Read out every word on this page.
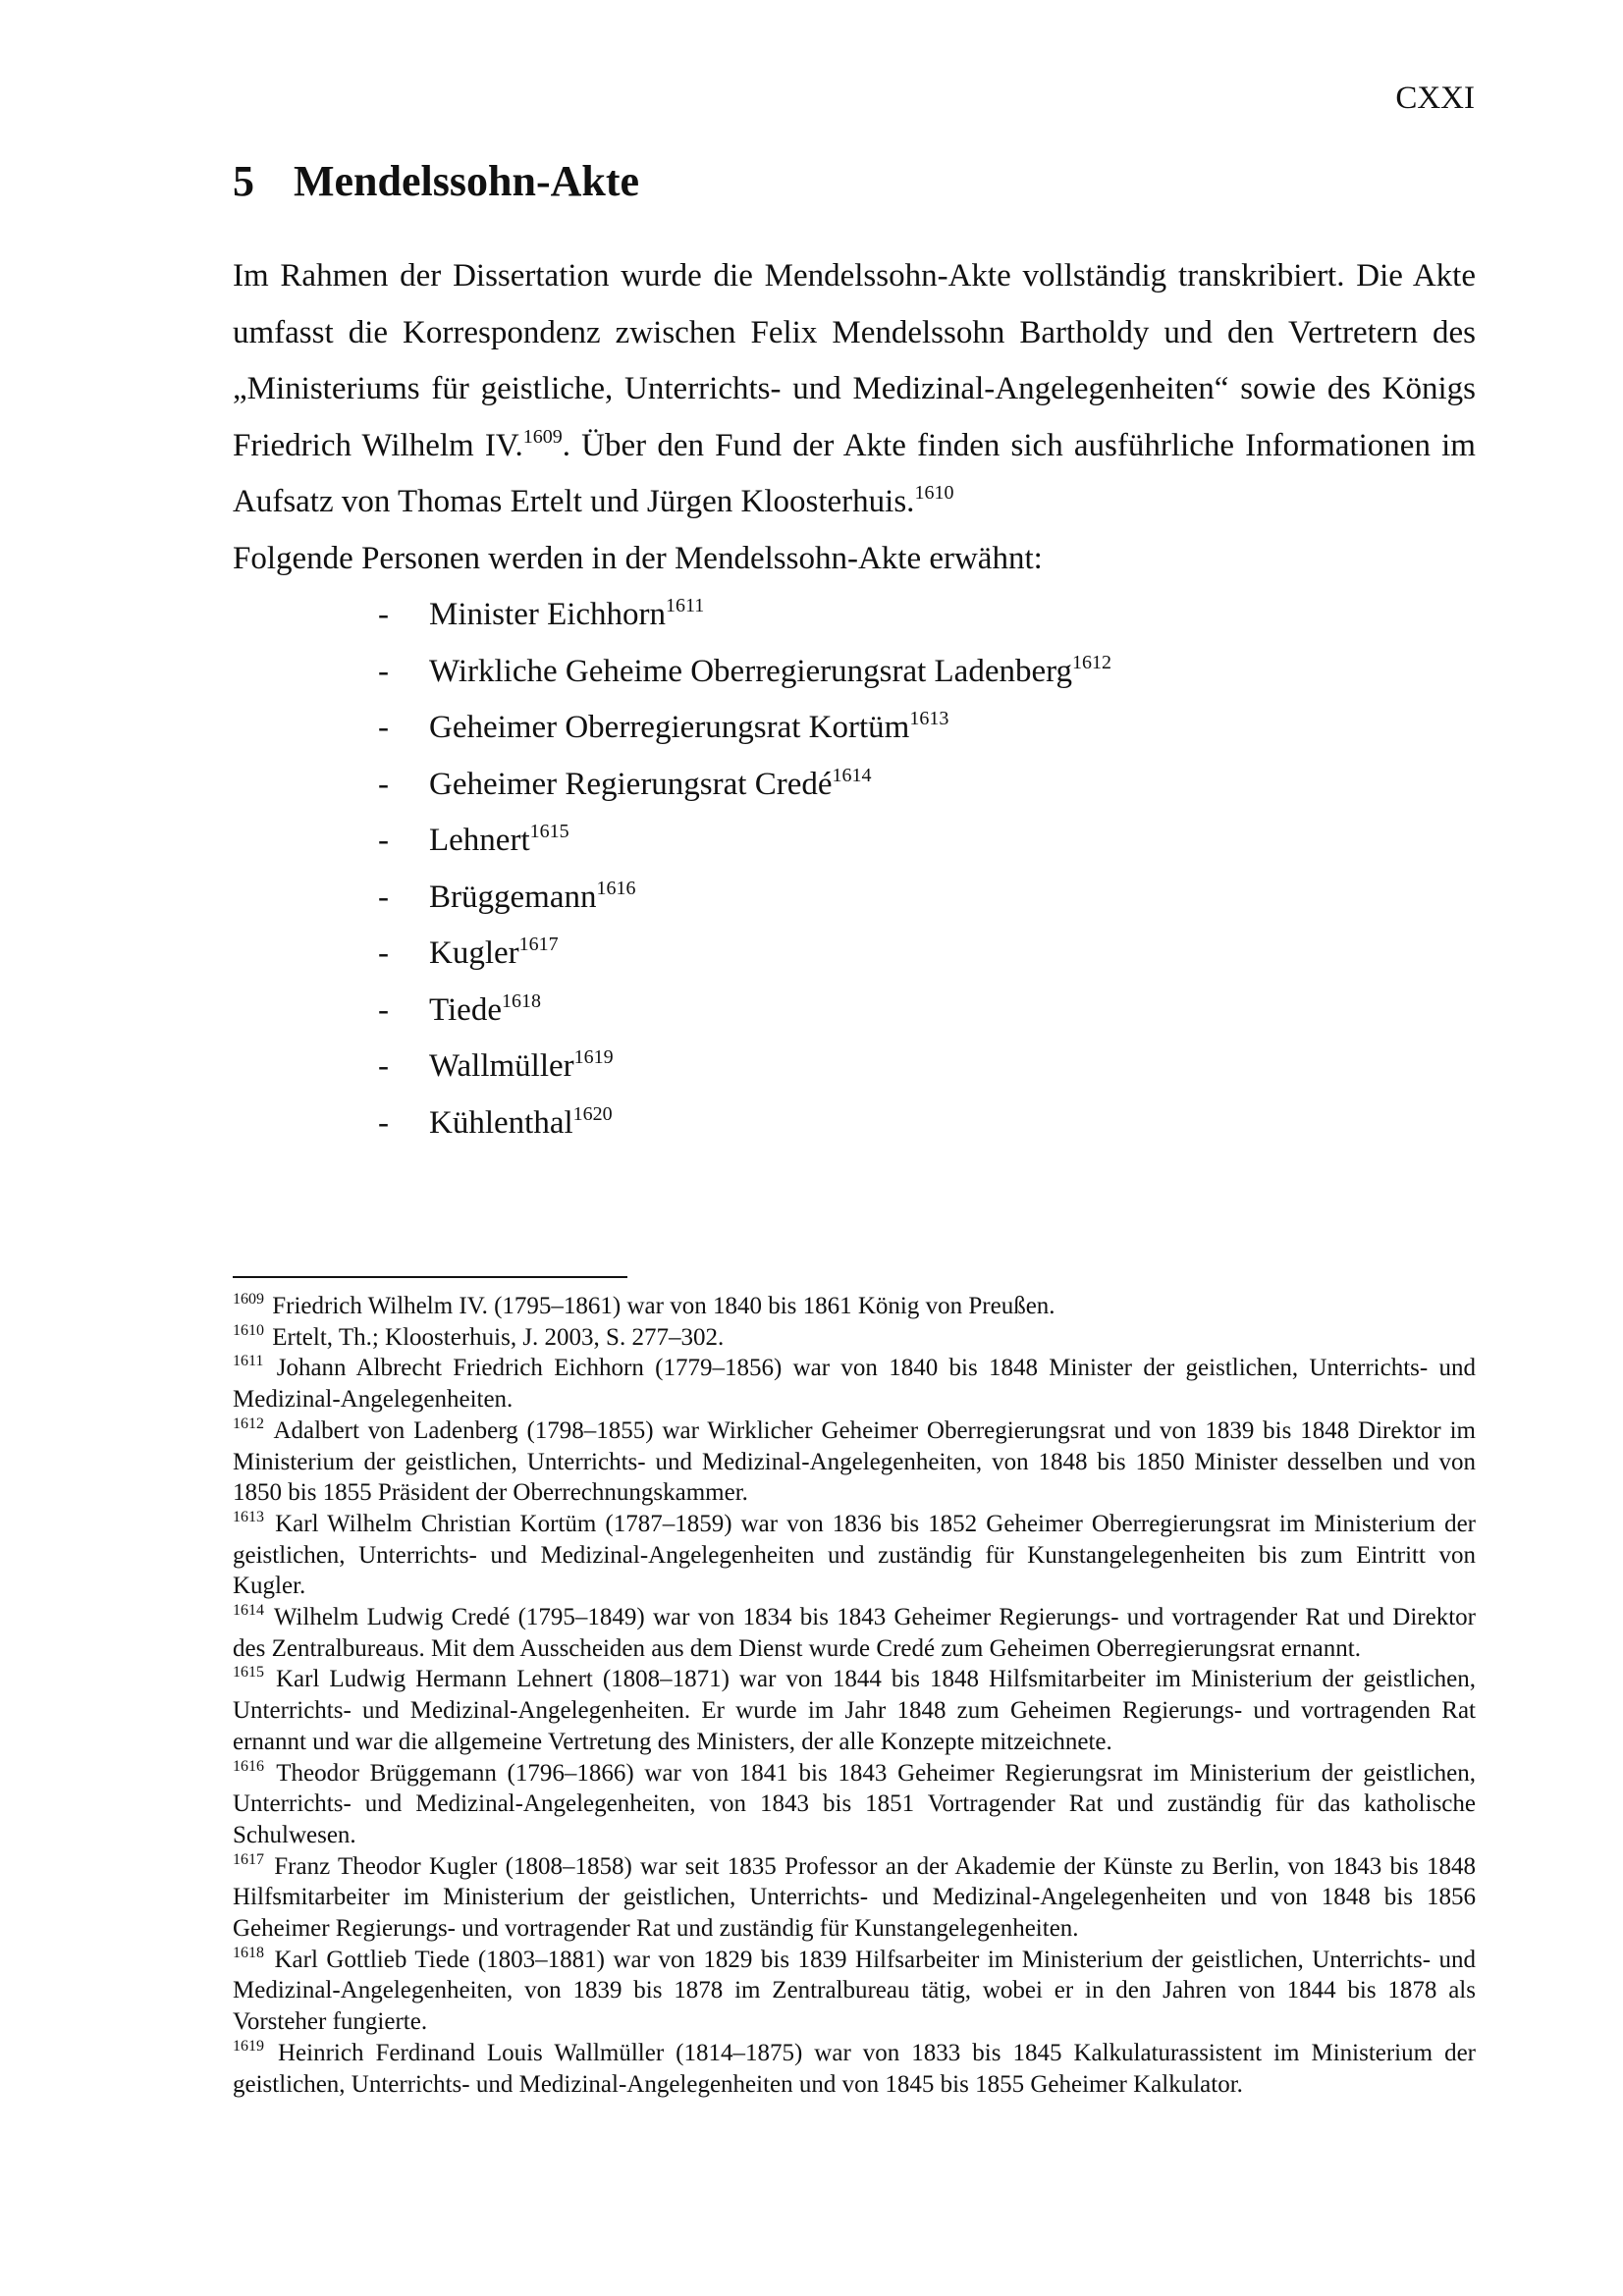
CXXI
5 Mendelssohn-Akte

Im Rahmen der Dissertation wurde die Mendelssohn-Akte vollständig transkribiert. Die Akte
umfasst die Korrespondenz zwischen Felix Mendelssohn Bartholdy und den Vertretern des
„Ministeriums für geistliche, Unterrichts- und Medizinal-Angelegenheiten“ sowie des Königs
Friedrich Wilhelm IV.$^{1609}$. Über den Fund der Akte finden sich ausführliche Informationen im
Aufsatz von Thomas Ertelt und Jürgen Kloosterhuis.$^{1610}$

Folgende Personen werden in der Mendelssohn-Akte erwähnt:

- Minister Eichhorn$^{1611}$
- Wirkliche Geheime Oberregierungsrat Ladenberg$^{1612}$
- Geheimer Oberregierungsrat Kortüm$^{1613}$
- Geheimer Regierungsrat Credé$^{1614}$
- Lehnert$^{1615}$
- Brüggemann$^{1616}$
- Kugler$^{1617}$
- Tiede$^{1618}$
- Wallmüller$^{1619}$
- Kühlenthal$^{1620}$

$^{1609}$ Friedrich Wilhelm IV. (1795–1861) war von 1840 bis 1861 König von Preußen.

$^{1610}$ Ertelt, Th.; Kloosterhuis, J. 2003, S. 277–302.

$^{1611}$ Johann Albrecht Friedrich Eichhorn (1779–1856) war von 1840 bis 1848 Minister der geistlichen, Unterrichts- und Medizinal-Angelegenheiten.

$^{1612}$ Adalbert von Ladenberg (1798–1855) war Wirklicher Geheimer Oberregierungsrat und von 1839 bis 1848 Direktor im Ministerium der geistlichen, Unterrichts- und Medizinal-Angelegenheiten, von 1848 bis 1850 Minister desselben und von 1850 bis 1855 Präsident der Oberrechnungskammer.

$^{1613}$ Karl Wilhelm Christian Kortüm (1787–1859) war von 1836 bis 1852 Geheimer Oberregierungsrat im Ministerium der geistlichen, Unterrichts- und Medizinal-Angelegenheiten und zuständig für Kunstangelegenheiten bis zum Eintritt von Kugler.

$^{1614}$ Wilhelm Ludwig Credé (1795–1849) war von 1834 bis 1843 Geheimer Regierungs- und vortragender Rat und Direktor des Zentralbureaus. Mit dem Ausscheiden aus dem Dienst wurde Credé zum Geheimen Oberregierungsrat ernannt.

$^{1615}$ Karl Ludwig Hermann Lehnert (1808–1871) war von 1844 bis 1848 Hilfsmitarbeiter im Ministerium der geistlichen, Unterrichts- und Medizinal-Angelegenheiten. Er wurde im Jahr 1848 zum Geheimen Regierungs- und vortragenden Rat ernannt und war die allgemeine Vertretung des Ministers, der alle Konzepte mitzeichnete.

$^{1616}$ Theodor Brüggemann (1796–1866) war von 1841 bis 1843 Geheimer Regierungsrat im Ministerium der geistlichen, Unterrichts- und Medizinal-Angelegenheiten, von 1843 bis 1851 Vortragender Rat und zuständig für das katholische Schulwesen.

$^{1617}$ Franz Theodor Kugler (1808–1858) war seit 1835 Professor an der Akademie der Künste zu Berlin, von 1843 bis 1848 Hilfsmitarbeiter im Ministerium der geistlichen, Unterrichts- und Medizinal-Angelegenheiten und von 1848 bis 1856 Geheimer Regierungs- und vortragender Rat und zuständig für Kunstangelegenheiten.

$^{1618}$ Karl Gottlieb Tiede (1803–1881) war von 1829 bis 1839 Hilfsarbeiter im Ministerium der geistlichen, Unterrichts- und Medizinal-Angelegenheiten, von 1839 bis 1878 im Zentralbureau tätig, wobei er in den Jahren von 1844 bis 1878 als Vorsteher fungierte.

$^{1619}$ Heinrich Ferdinand Louis Wallmüller (1814–1875) war von 1833 bis 1845 Kalkulaturassistent im Ministerium der geistlichen, Unterrichts- und Medizinal-Angelegenheiten und von 1845 bis 1855 Geheimer Kalkulator.
